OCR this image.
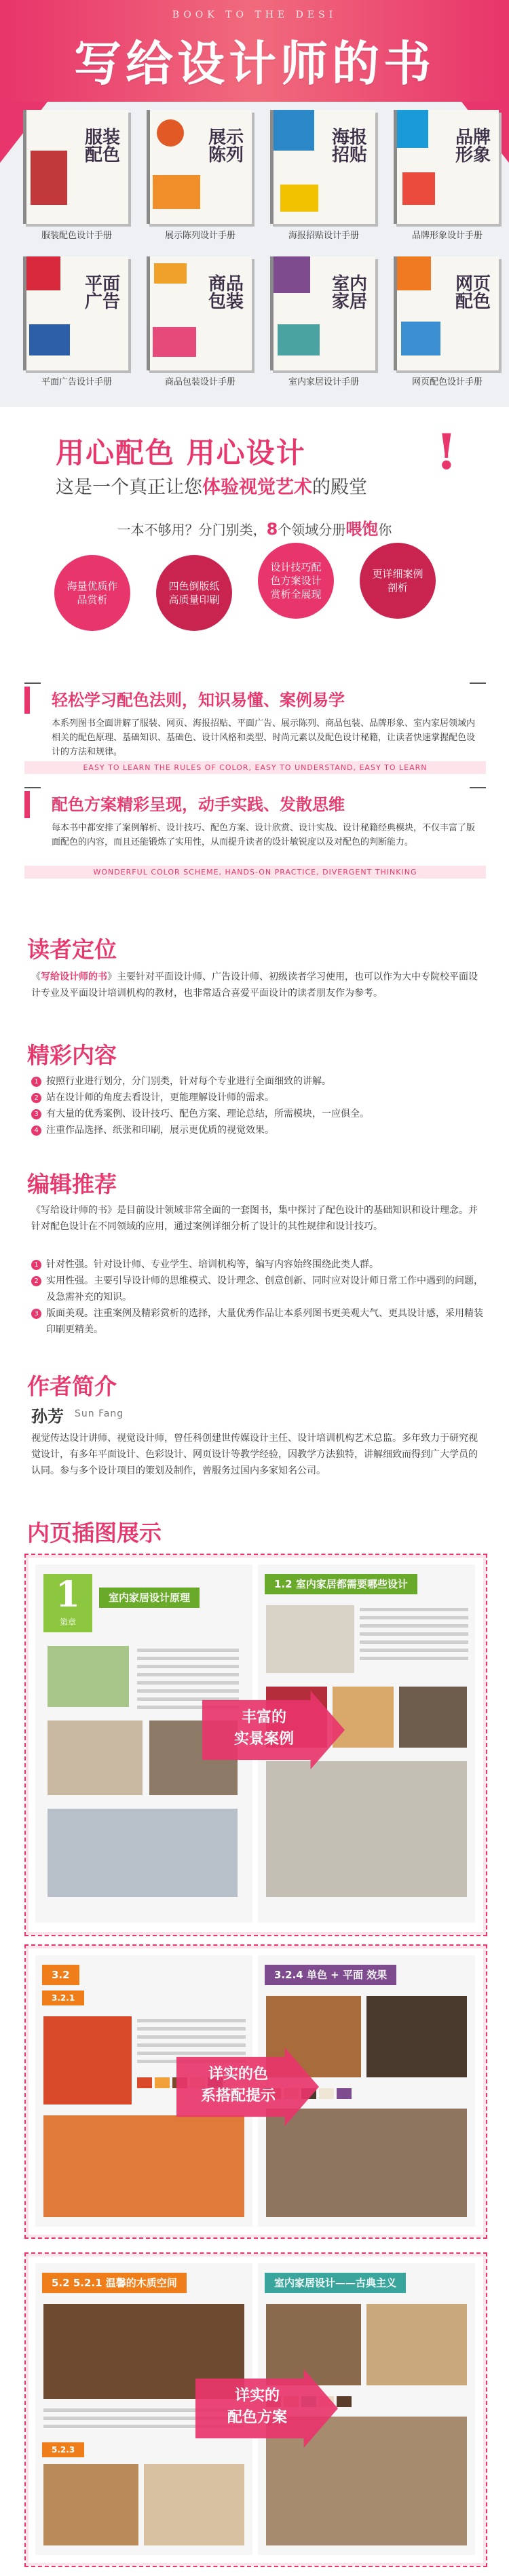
BOOK TO THE DESI
写给设计师的书
服装配色
服装配色设计手册
展示陈列
展示陈列设计手册
海报招贴
海报招贴设计手册
品牌形象
品牌形象设计手册
平面广告
平面广告设计手册
商品包装
商品包装设计手册
室内家居
室内家居设计手册
网页配色
网页配色设计手册
用心配色 用心设计	!
这是一个真正让您体验视觉艺术的殿堂
一本不够用？分门别类，8个领域分册喂饱你
海量优质作品赏析
四色倒版纸高质量印刷
设计技巧配色方案设计赏析全展现
更详细案例剖析
轻松学习配色法则，知识易懂、案例易学
本系列图书全面讲解了服装、网页、海报招贴、平面广告、展示陈列、商品包装、品牌形象、室内家居领域内相关的配色原理、基础知识、基础色、设计风格和类型、时尚元素以及配色设计秘籍，让读者快速掌握配色设计的方法和规律。
EASY TO LEARN THE RULES OF COLOR, EASY TO UNDERSTAND, EASY TO LEARN
配色方案精彩呈现，动手实践、发散思维
每本书中都安排了案例解析、设计技巧、配色方案、设计欣赏、设计实战、设计秘籍经典模块，不仅丰富了版面配色的内容，而且还能锻炼了实用性，从而提升读者的设计敏锐度以及对配色的判断能力。
WONDERFUL COLOR SCHEME, HANDS-ON PRACTICE, DIVERGENT THINKING
读者定位
《写给设计师的书》主要针对平面设计师、广告设计师、初级读者学习使用，也可以作为大中专院校平面设计专业及平面设计培训机构的教材，也非常适合喜爱平面设计的读者朋友作为参考。
精彩内容
1 按照行业进行划分，分门别类，针对每个专业进行全面细致的讲解。
2 站在设计师的角度去看设计，更能理解设计师的需求。
3 有大量的优秀案例、设计技巧、配色方案、理论总结，所需模块，一应俱全。
4 注重作品选择、纸张和印刷，展示更优质的视觉效果。
编辑推荐
《写给设计师的书》是目前设计领域非常全面的一套图书，集中探讨了配色设计的基础知识和设计理念。并针对配色设计在不同领域的应用，通过案例详细分析了设计的其性规律和设计技巧。
1 针对性强。针对设计师、专业学生、培训机构等，编写内容始终围绕此类人群。
2 实用性强。主要引导设计师的思维模式、设计理念、创意创新、同时应对设计师日常工作中遇到的问题，及急需补充的知识。
3 版面美观。注重案例及精彩赏析的选择，大量优秀作品让本系列图书更美观大气、更具设计感，采用精装印刷更精美。
作者简介
孙芳 Sun Fang
视觉传达设计讲师、视觉设计师，曾任科创建世传媒设计主任、设计培训机构艺术总监。多年致力于研究视觉设计，有多年平面设计、色彩设计、网页设计等教学经验，因教学方法独特，讲解细致而得到广大学员的认同。参与多个设计项目的策划及制作，曾服务过国内多家知名公司。
内页插图展示
1
第章
室内家居设计原理
1.2 室内家居都需要哪些设计
丰富的
实景案例
3.2
3.2.1
3.2.4 单色 + 平面 效果
详实的色
系搭配提示
5.2 5.2.1 温馨的木质空间
5.2.3
室内家居设计——古典主义
详实的
配色方案
